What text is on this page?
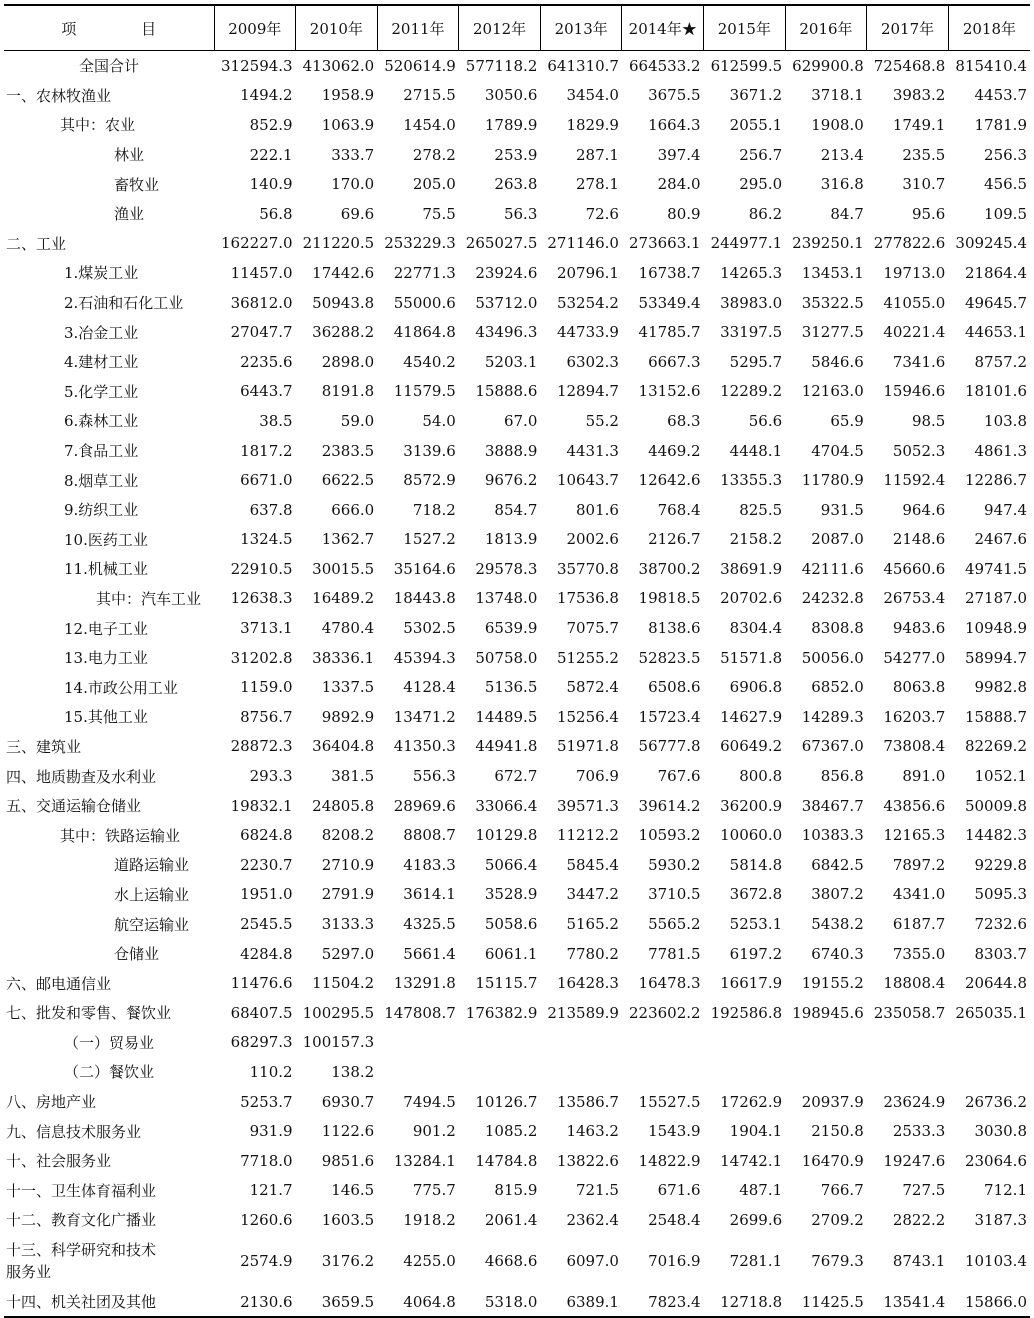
项 目	2009年	2010年	2011年	2012年	2013年	2014年★	2015年	2016年	2017年	2018年
全国合计	312594.3	413062.0	520614.9	577118.2	641310.7	664533.2	612599.5	629900.8	725468.8	815410.4
一、农林牧渔业	1494.2	1958.9	2715.5	3050.6	3454.0	3675.5	3671.2	3718.1	3983.2	4453.7
其中：农业	852.9	1063.9	1454.0	1789.9	1829.9	1664.3	2055.1	1908.0	1749.1	1781.9
林业	222.1	333.7	278.2	253.9	287.1	397.4	256.7	213.4	235.5	256.3
畜牧业	140.9	170.0	205.0	263.8	278.1	284.0	295.0	316.8	310.7	456.5
渔业	56.8	69.6	75.5	56.3	72.6	80.9	86.2	84.7	95.6	109.5
二、工业	162227.0	211220.5	253229.3	265027.5	271146.0	273663.1	244977.1	239250.1	277822.6	309245.4
1.煤炭工业	11457.0	17442.6	22771.3	23924.6	20796.1	16738.7	14265.3	13453.1	19713.0	21864.4
2.石油和石化工业	36812.0	50943.8	55000.6	53712.0	53254.2	53349.4	38983.0	35322.5	41055.0	49645.7
3.冶金工业	27047.7	36288.2	41864.8	43496.3	44733.9	41785.7	33197.5	31277.5	40221.4	44653.1
4.建材工业	2235.6	2898.0	4540.2	5203.1	6302.3	6667.3	5295.7	5846.6	7341.6	8757.2
5.化学工业	6443.7	8191.8	11579.5	15888.6	12894.7	13152.6	12289.2	12163.0	15946.6	18101.6
6.森林工业	38.5	59.0	54.0	67.0	55.2	68.3	56.6	65.9	98.5	103.8
7.食品工业	1817.2	2383.5	3139.6	3888.9	4431.3	4469.2	4448.1	4704.5	5052.3	4861.3
8.烟草工业	6671.0	6622.5	8572.9	9676.2	10643.7	12642.6	13355.3	11780.9	11592.4	12286.7
9.纺织工业	637.8	666.0	718.2	854.7	801.6	768.4	825.5	931.5	964.6	947.4
10.医药工业	1324.5	1362.7	1527.2	1813.9	2002.6	2126.7	2158.2	2087.0	2148.6	2467.6
11.机械工业	22910.5	30015.5	35164.6	29578.3	35770.8	38700.2	38691.9	42111.6	45660.6	49741.5
其中：汽车工业	12638.3	16489.2	18443.8	13748.0	17536.8	19818.5	20702.6	24232.8	26753.4	27187.0
12.电子工业	3713.1	4780.4	5302.5	6539.9	7075.7	8138.6	8304.4	8308.8	9483.6	10948.9
13.电力工业	31202.8	38336.1	45394.3	50758.0	51255.2	52823.5	51571.8	50056.0	54277.0	58994.7
14.市政公用工业	1159.0	1337.5	4128.4	5136.5	5872.4	6508.6	6906.8	6852.0	8063.8	9982.8
15.其他工业	8756.7	9892.9	13471.2	14489.5	15256.4	15723.4	14627.9	14289.3	16203.7	15888.7
三、建筑业	28872.3	36404.8	41350.3	44941.8	51971.8	56777.8	60649.2	67367.0	73808.4	82269.2
四、地质勘查及水利业	293.3	381.5	556.3	672.7	706.9	767.6	800.8	856.8	891.0	1052.1
五、交通运输仓储业	19832.1	24805.8	28969.6	33066.4	39571.3	39614.2	36200.9	38467.7	43856.6	50009.8
其中：铁路运输业	6824.8	8208.2	8808.7	10129.8	11212.2	10593.2	10060.0	10383.3	12165.3	14482.3
道路运输业	2230.7	2710.9	4183.3	5066.4	5845.4	5930.2	5814.8	6842.5	7897.2	9229.8
水上运输业	1951.0	2791.9	3614.1	3528.9	3447.2	3710.5	3672.8	3807.2	4341.0	5095.3
航空运输业	2545.5	3133.3	4325.5	5058.6	5165.2	5565.2	5253.1	5438.2	6187.7	7232.6
仓储业	4284.8	5297.0	5661.4	6061.1	7780.2	7781.5	6197.2	6740.3	7355.0	8303.7
六、邮电通信业	11476.6	11504.2	13291.8	15115.7	16428.3	16478.3	16617.9	19155.2	18808.4	20644.8
七、批发和零售、餐饮业	68407.5	100295.5	147808.7	176382.9	213589.9	223602.2	192586.8	198945.6	235058.7	265035.1
（一）贸易业	68297.3	100157.3								
（二）餐饮业	110.2	138.2								
八、房地产业	5253.7	6930.7	7494.5	10126.7	13586.7	15527.5	17262.9	20937.9	23624.9	26736.2
九、信息技术服务业	931.9	1122.6	901.2	1085.2	1463.2	1543.9	1904.1	2150.8	2533.3	3030.8
十、社会服务业	7718.0	9851.6	13284.1	14784.8	13822.6	14822.9	14742.1	16470.9	19247.6	23064.6
十一、卫生体育福利业	121.7	146.5	775.7	815.9	721.5	671.6	487.1	766.7	727.5	712.1
十二、教育文化广播业	1260.6	1603.5	1918.2	2061.4	2362.4	2548.4	2699.6	2709.2	2822.2	3187.3
十三、科学研究和技术
服务业	2574.9	3176.2	4255.0	4668.6	6097.0	7016.9	7281.1	7679.3	8743.1	10103.4
十四、机关社团及其他	2130.6	3659.5	4064.8	5318.0	6389.1	7823.4	12718.8	11425.5	13541.4	15866.0
